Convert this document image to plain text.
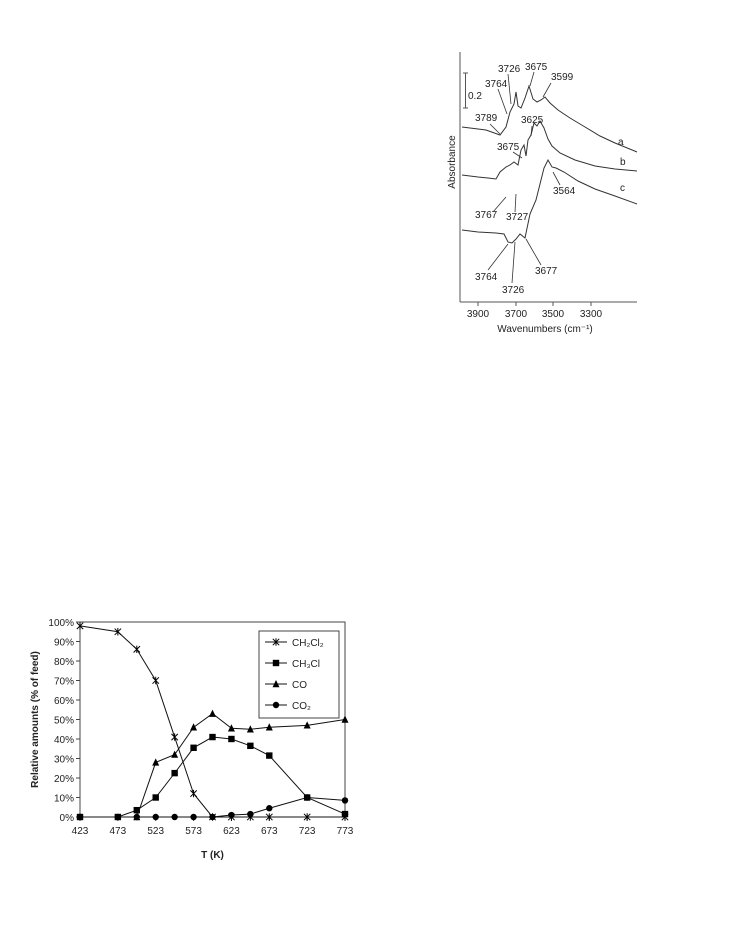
0.2
Absorbance
3900 3700 3500 3300
Wavenumbers (cm⁻¹)
a
b
c
3726 3675
3764
3599
3789 3625
3675
3767 3727
3564
3764
3726
3677
0%
10%
20%
30%
40%
50%
60%
70%
80%
90%
100%
423 473 523 573 623 673 723 773
T (K)
Relative amounts (% of feed)
CH₂Cl₂
CH₃Cl
CO
CO₂
